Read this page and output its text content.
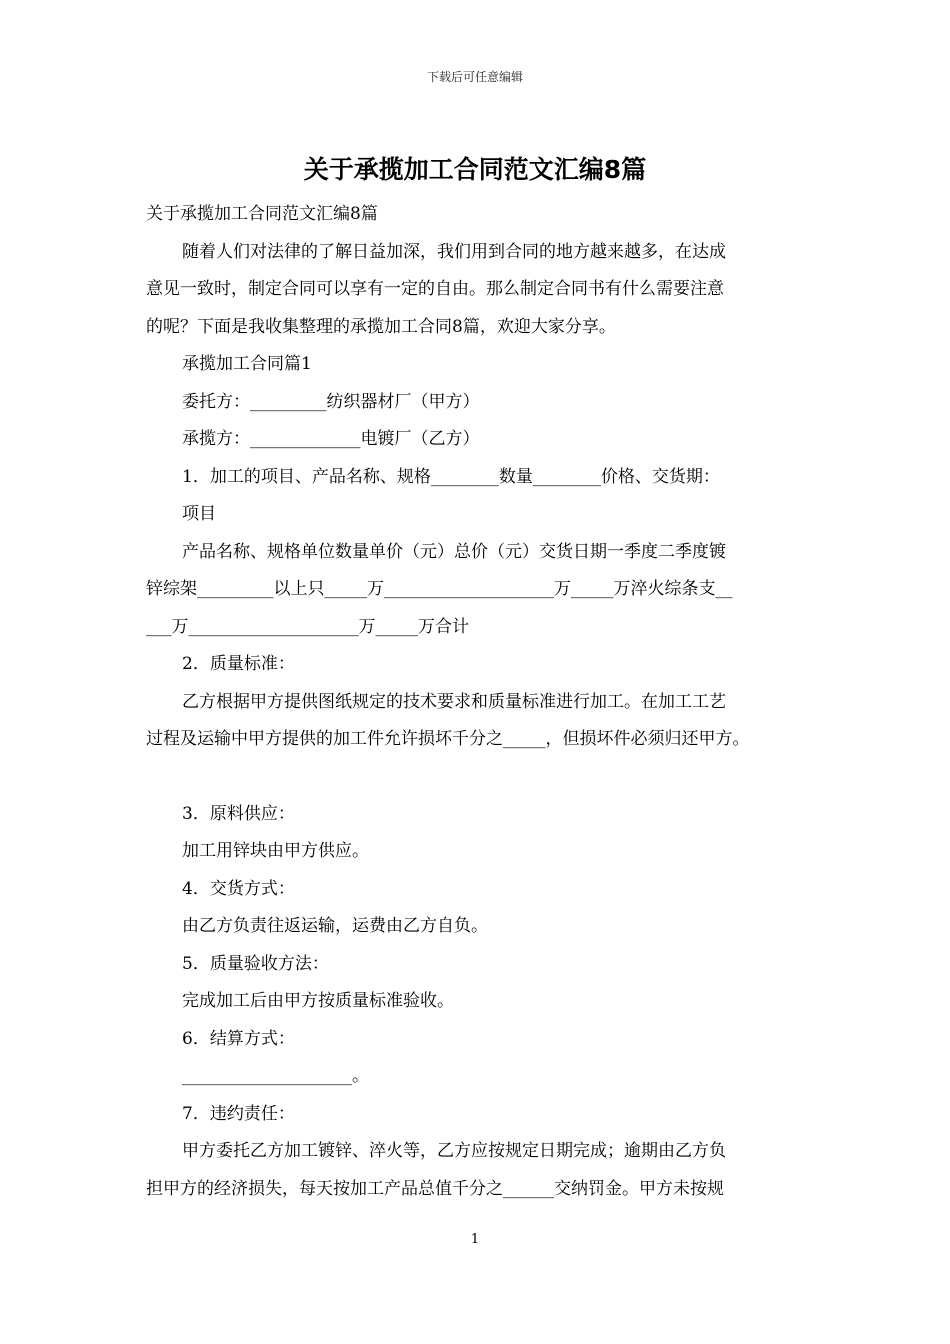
下载后可任意编辑
关于承揽加工合同范文汇编8篇

关于承揽加工合同范文汇编8篇

随着人们对法律的了解日益加深，我们用到合同的地方越来越多，在达成

意见一致时，制定合同可以享有一定的自由。那么制定合同书有什么需要注意

的呢？下面是我收集整理的承揽加工合同8篇，欢迎大家分享。

承揽加工合同篇1

委托方：_________纺织器材厂（甲方）

承揽方：_____________电镀厂（乙方）

1．加工的项目、产品名称、规格________数量________价格、交货期：

项目

产品名称、规格单位数量单价（元）总价（元）交货日期一季度二季度镀

锌综架_________以上只_____万____________________万_____万淬火综条支__

___万____________________万_____万合计

2．质量标准：

乙方根据甲方提供图纸规定的技术要求和质量标准进行加工。在加工工艺

过程及运输中甲方提供的加工件允许损坏千分之_____，但损坏件必须归还甲方。

3．原料供应：

加工用锌块由甲方供应。

4．交货方式：

由乙方负责往返运输，运费由乙方自负。

5．质量验收方法：

完成加工后由甲方按质量标准验收。

6．结算方式：

____________________。

7．违约责任：

甲方委托乙方加工镀锌、淬火等，乙方应按规定日期完成；逾期由乙方负

担甲方的经济损失，每天按加工产品总值千分之______交纳罚金。甲方未按规

1
